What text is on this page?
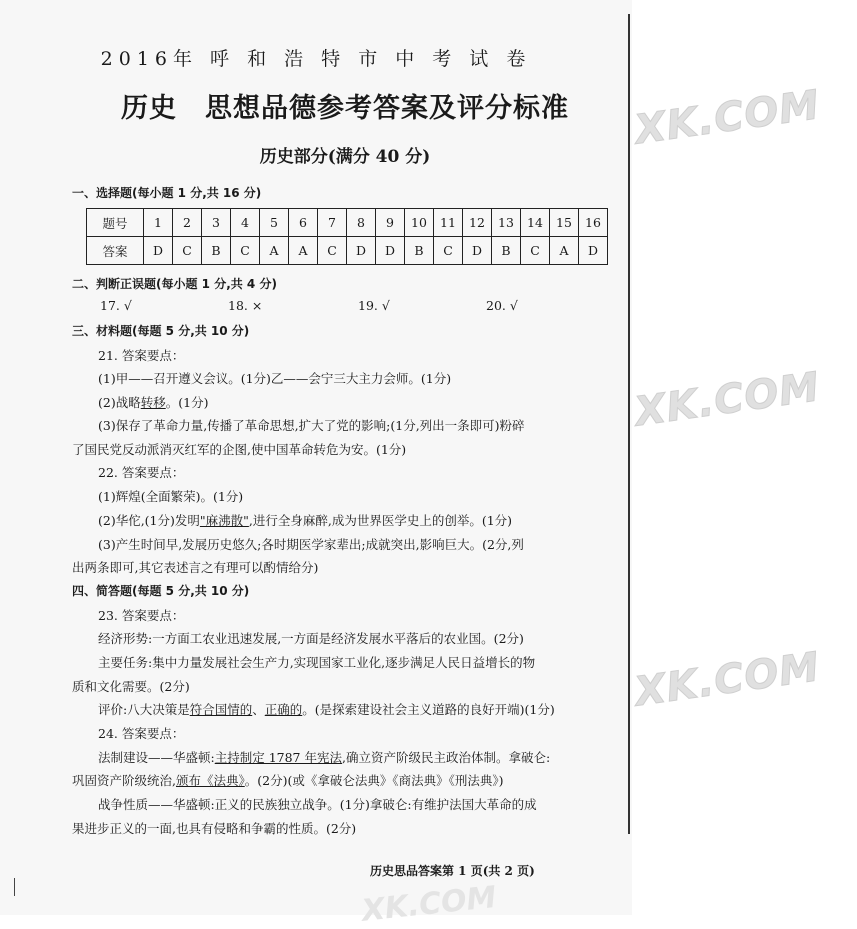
XK.COM
XK.COM
XK.COM
XK.COM
2016年 呼 和 浩 特 市 中 考 试 卷
历史　思想品德参考答案及评分标准
历史部分(满分 40 分)
一、选择题(每小题 1 分,共 16 分)
题号	1	2	3	4	5	6	7	8	9	10	11	12	13	14	15	16
答案	D	C	B	C	A	A	C	D	D	B	C	D	B	C	A	D
二、判断正误题(每小题 1 分,共 4 分)
17. √	18. ×	19. √	20. √
三、材料题(每题 5 分,共 10 分)
21. 答案要点：
(1)甲——召开遵义会议。(1分)乙——会宁三大主力会师。(1分)
(2)战略转移。(1分)
(3)保存了革命力量,传播了革命思想,扩大了党的影响;(1分,列出一条即可)粉碎
了国民党反动派消灭红军的企图,使中国革命转危为安。(1分)
22. 答案要点：
(1)辉煌(全面繁荣)。(1分)
(2)华佗,(1分)发明"麻沸散",进行全身麻醉,成为世界医学史上的创举。(1分)
(3)产生时间早,发展历史悠久;各时期医学家辈出;成就突出,影响巨大。(2分,列
出两条即可,其它表述言之有理可以酌情给分)
四、简答题(每题 5 分,共 10 分)
23. 答案要点：
经济形势:一方面工农业迅速发展,一方面是经济发展水平落后的农业国。(2分)
主要任务:集中力量发展社会生产力,实现国家工业化,逐步满足人民日益增长的物
质和文化需要。(2分)
评价:八大决策是符合国情的、正确的。(是探索建设社会主义道路的良好开端)(1分)
24. 答案要点：
法制建设——华盛顿:主持制定 1787 年宪法,确立资产阶级民主政治体制。拿破仑:
巩固资产阶级统治,颁布《法典》。(2分)(或《拿破仑法典》《商法典》《刑法典》)
战争性质——华盛顿:正义的民族独立战争。(1分)拿破仑:有维护法国大革命的成
果进步正义的一面,也具有侵略和争霸的性质。(2分)
历史思品答案第 1 页(共 2 页)
